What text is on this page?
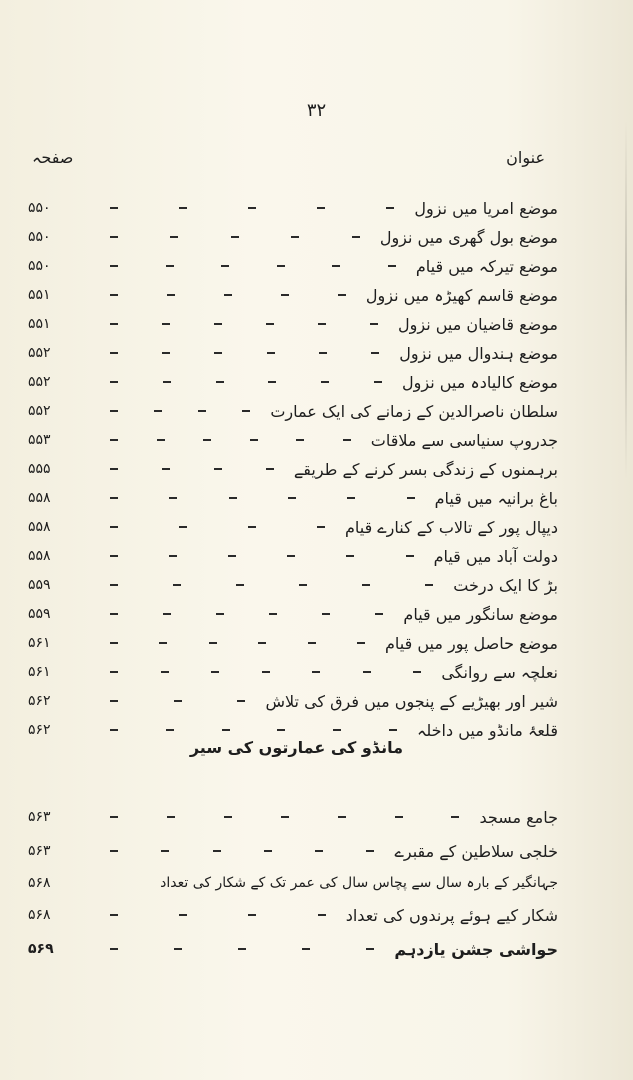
۳۲
عنوان
صفحہ
موضع امریا میں نزول
۵۵۰
موضع بول گھری میں نزول
۵۵۰
موضع تیرکہ میں قیام
۵۵۰
موضع قاسم کھیڑہ میں نزول
۵۵۱
موضع قاضیان میں نزول
۵۵۱
موضع ہندوال میں نزول
۵۵۲
موضع کالیادہ میں نزول
۵۵۲
سلطان ناصرالدین کے زمانے کی ایک عمارت
۵۵۲
جدروپ سنیاسی سے ملاقات
۵۵۳
برہمنوں کے زندگی بسر کرنے کے طریقے
۵۵۵
باغ برانیہ میں قیام
۵۵۸
دیپال پور کے تالاب کے کنارے قیام
۵۵۸
دولت آباد میں قیام
۵۵۸
بڑ کا ایک درخت
۵۵۹
موضع سانگور میں قیام
۵۵۹
موضع حاصل پور میں قیام
۵۶۱
نعلچہ سے روانگی
۵۶۱
شیر اور بھیڑیے کے پنجوں میں فرق کی تلاش
۵۶۲
قلعۂ مانڈو میں داخلہ
۵۶۲
مانڈو کی عمارتوں کی سیر
جامع مسجد
۵۶۳
خلجی سلاطین کے مقبرے
۵۶۳
جہانگیر کے بارہ سال سے پچاس سال کی عمر تک کے شکار کی تعداد
۵۶۸
شکار کیے ہوئے پرندوں کی تعداد
۵۶۸
حواشی جشن یازدہم
۵۶۹
